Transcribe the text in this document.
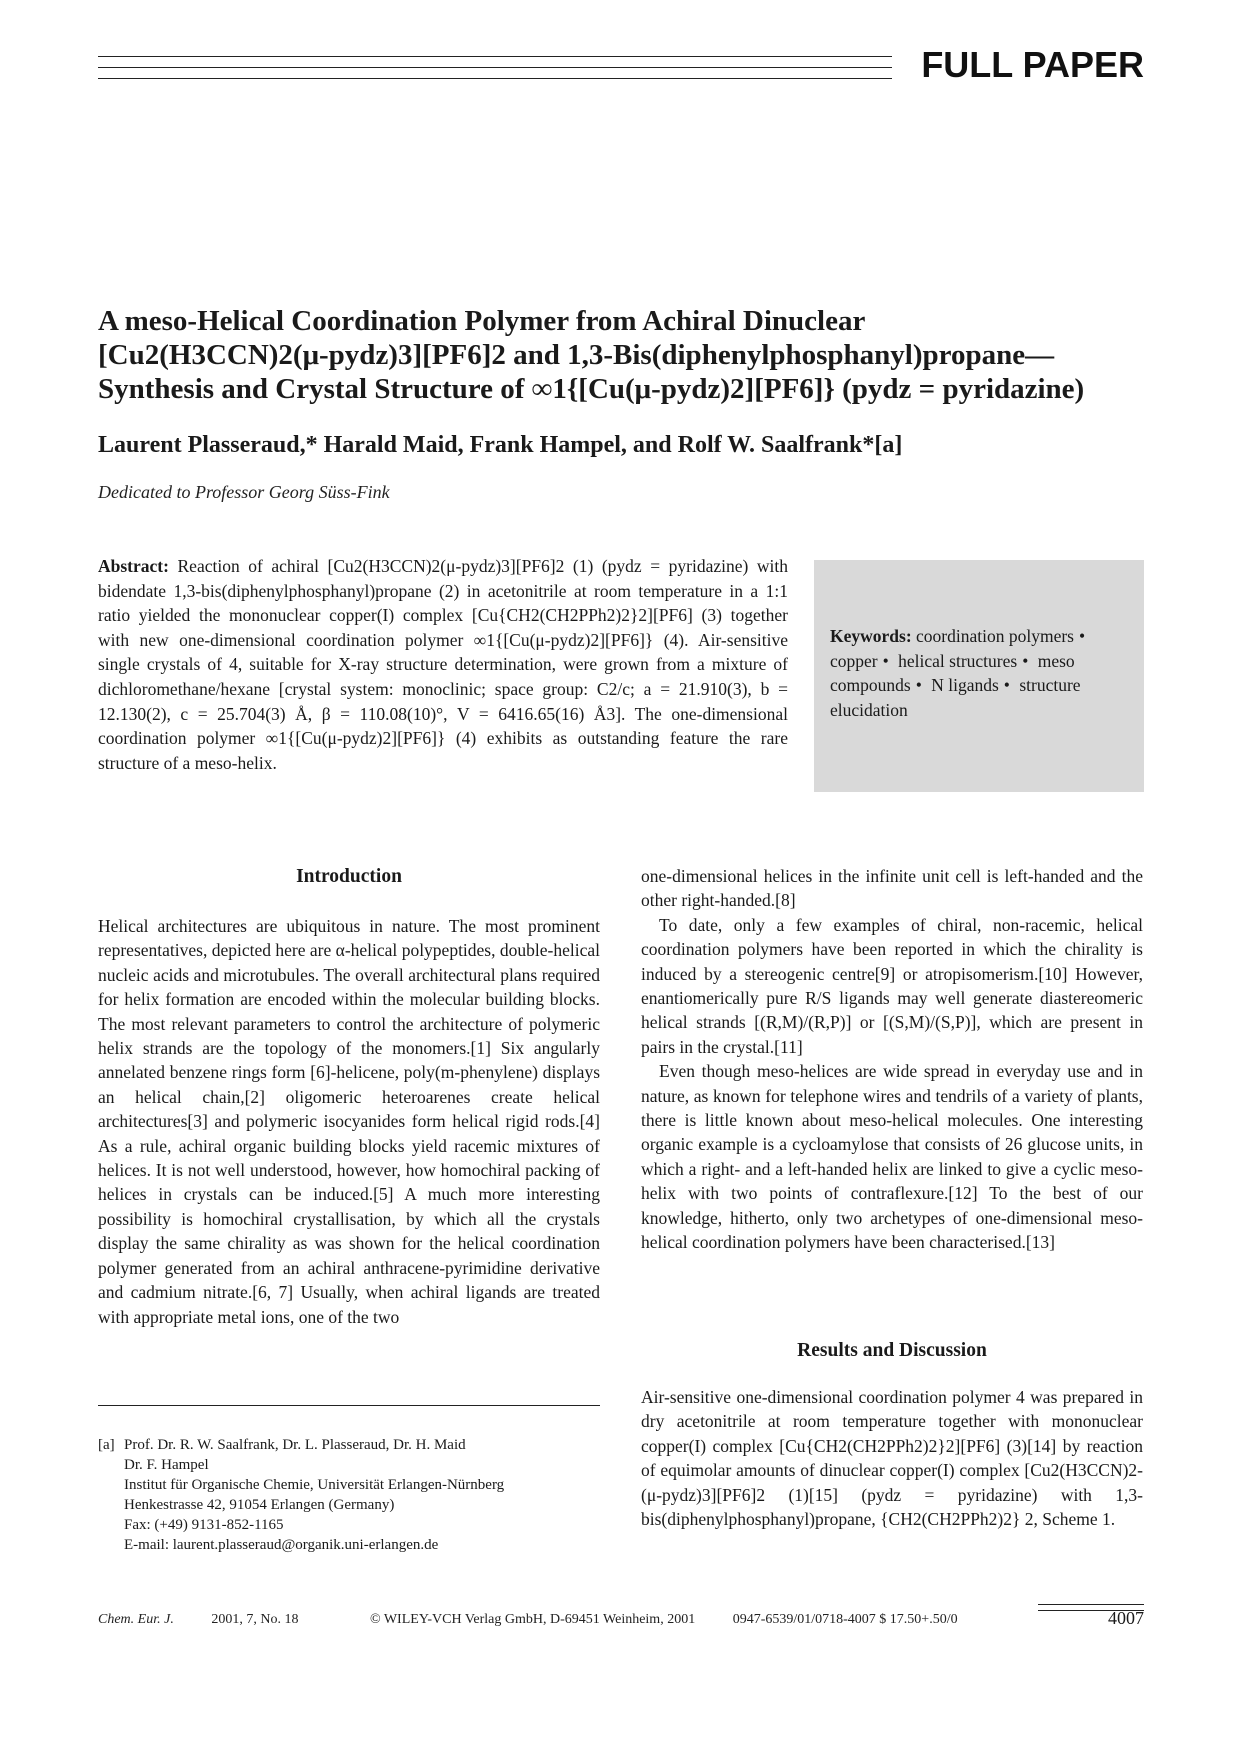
FULL PAPER

A meso-Helical Coordination Polymer from Achiral Dinuclear

[Cu2(H3CCN)2(μ-pydz)3][PF6]2 and 1,3-Bis(diphenylphosphanyl)propane—

Synthesis and Crystal Structure of ∞1{[Cu(μ-pydz)2][PF6]} (pydz = pyridazine)

Laurent Plasseraud,* Harald Maid, Frank Hampel, and Rolf W. Saalfrank*[a]
Dedicated to Professor Georg Süss-Fink
Abstract: Reaction of achiral [Cu2(H3CCN)2(μ-pydz)3][PF6]2 (1) (pydz = pyridazine) with bidendate 1,3-bis(diphenylphosphanyl)propane (2) in acetonitrile at room temperature in a 1:1 ratio yielded the mononuclear copper(I) complex [Cu{CH2(CH2PPh2)2}2][PF6] (3) together with new one-dimensional coordination polymer ∞1{[Cu(μ-pydz)2][PF6]} (4). Air-sensitive single crystals of 4, suitable for X-ray structure determination, were grown from a mixture of dichloromethane/hexane [crystal system: monoclinic; space group: C2/c; a = 21.910(3), b = 12.130(2), c = 25.704(3) Å, β = 110.08(10)°, V = 6416.65(16) Å3]. The one-dimensional coordination polymer ∞1{[Cu(μ-pydz)2][PF6]} (4) exhibits as outstanding feature the rare structure of a meso-helix.
Keywords: coordination polymers • copper • helical structures • meso compounds • N ligands • structure elucidation
Introduction

Helical architectures are ubiquitous in nature. The most prominent representatives, depicted here are α-helical polypeptides, double-helical nucleic acids and microtubules. The overall architectural plans required for helix formation are encoded within the molecular building blocks. The most relevant parameters to control the architecture of polymeric helix strands are the topology of the monomers.[1] Six angularly annelated benzene rings form [6]-helicene, poly(m-phenylene) displays an helical chain,[2] oligomeric heteroarenes create helical architectures[3] and polymeric isocyanides form helical rigid rods.[4] As a rule, achiral organic building blocks yield racemic mixtures of helices. It is not well understood, however, how homochiral packing of helices in crystals can be induced.[5] A much more interesting possibility is homochiral crystallisation, by which all the crystals display the same chirality as was shown for the helical coordination polymer generated from an achiral anthracene-pyrimidine derivative and cadmium nitrate.[6, 7] Usually, when achiral ligands are treated with appropriate metal ions, one of the two

[a] Prof. Dr. R. W. Saalfrank, Dr. L. Plasseraud, Dr. H. Maid
Dr. F. Hampel
Institut für Organische Chemie, Universität Erlangen-Nürnberg
Henkestrasse 42, 91054 Erlangen (Germany)
Fax: (+49) 9131-852-1165
E-mail: laurent.plasseraud@organik.uni-erlangen.de

one-dimensional helices in the infinite unit cell is left-handed and the other right-handed.[8]

To date, only a few examples of chiral, non-racemic, helical coordination polymers have been reported in which the chirality is induced by a stereogenic centre[9] or atropisomerism.[10] However, enantiomerically pure R/S ligands may well generate diastereomeric helical strands [(R,M)/(R,P)] or [(S,M)/(S,P)], which are present in pairs in the crystal.[11]

Even though meso-helices are wide spread in everyday use and in nature, as known for telephone wires and tendrils of a variety of plants, there is little known about meso-helical molecules. One interesting organic example is a cycloamylose that consists of 26 glucose units, in which a right- and a left-handed helix are linked to give a cyclic meso-helix with two points of contraflexure.[12] To the best of our knowledge, hitherto, only two archetypes of one-dimensional meso-helical coordination polymers have been characterised.[13]

Results and Discussion

Air-sensitive one-dimensional coordination polymer 4 was prepared in dry acetonitrile at room temperature together with mononuclear copper(I) complex [Cu{CH2(CH2PPh2)2}2][PF6] (3)[14] by reaction of equimolar amounts of dinuclear copper(I) complex [Cu2(H3CCN)2-(μ-pydz)3][PF6]2 (1)[15] (pydz = pyridazine) with 1,3-bis(diphenylphosphanyl)propane, {CH2(CH2PPh2)2} 2, Scheme 1.

Chem. Eur. J.	2001, 7, No. 18	© WILEY-VCH Verlag GmbH, D-69451 Weinheim, 2001	0947-6539/01/0718-4007 $ 17.50+.50/0	4007
